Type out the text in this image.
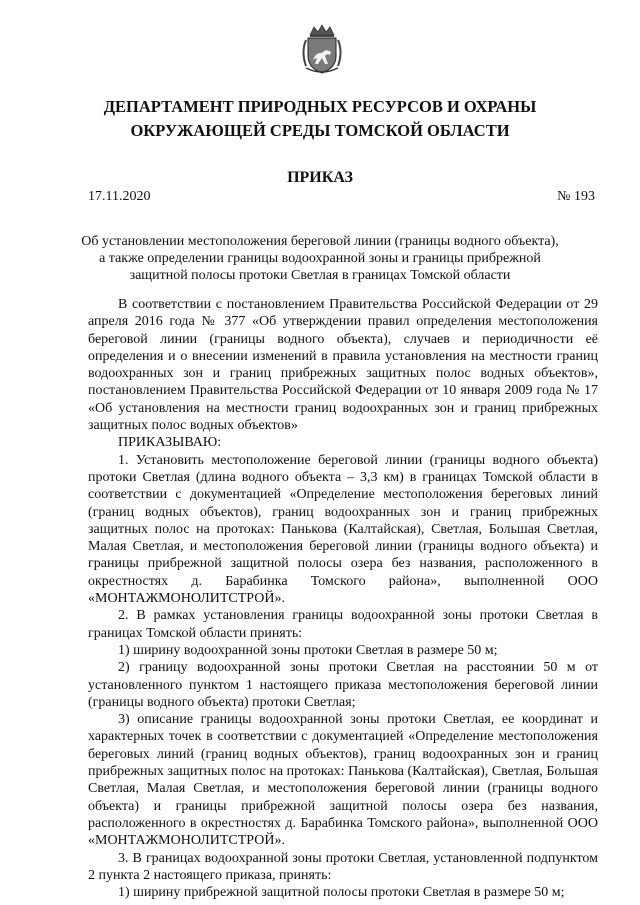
ДЕПАРТАМЕНТ ПРИРОДНЫХ РЕСУРСОВ И ОХРАНЫ
ОКРУЖАЮЩЕЙ СРЕДЫ ТОМСКОЙ ОБЛАСТИ
ПРИКАЗ
17.11.2020	№ 193
Об установлении местоположения береговой линии (границы водного объекта),
а также определении границы водоохранной зоны и границы прибрежной
защитной полосы протоки Светлая в границах Томской области

В соответствии с постановлением Правительства Российской Федерации от 29 апреля 2016 года № 377 «Об утверждении правил определения местоположения береговой линии (границы водного объекта), случаев и периодичности её определения и о внесении изменений в правила установления на местности границ водоохранных зон и границ прибрежных защитных полос водных объектов», постановлением Правительства Российской Федерации от 10 января 2009 года № 17 «Об установления на местности границ водоохранных зон и границ прибрежных защитных полос водных объектов»

ПРИКАЗЫВАЮ:

1. Установить местоположение береговой линии (границы водного объекта) протоки Светлая (длина водного объекта – 3,3 км) в границах Томской области в соответствии с документацией «Определение местоположения береговых линий (границ водных объектов), границ водоохранных зон и границ прибрежных защитных полос на протоках: Панькова (Калтайская), Светлая, Большая Светлая, Малая Светлая, и местоположения береговой линии (границы водного объекта) и границы прибрежной защитной полосы озера без названия, расположенного в окрестностях д. Барабинка Томского района», выполненной ООО «МОНТАЖМОНОЛИТСТРОЙ».

2. В рамках установления границы водоохранной зоны протоки Светлая в границах Томской области принять:

1) ширину водоохранной зоны протоки Светлая в размере 50 м;

2) границу водоохранной зоны протоки Светлая на расстоянии 50 м от установленного пунктом 1 настоящего приказа местоположения береговой линии (границы водного объекта) протоки Светлая;

3) описание границы водоохранной зоны протоки Светлая, ее координат и характерных точек в соответствии с документацией «Определение местоположения береговых линий (границ водных объектов), границ водоохранных зон и границ прибрежных защитных полос на протоках: Панькова (Калтайская), Светлая, Большая Светлая, Малая Светлая, и местоположения береговой линии (границы водного объекта) и границы прибрежной защитной полосы озера без названия, расположенного в окрестностях д. Барабинка Томского района», выполненной ООО «МОНТАЖМОНОЛИТСТРОЙ».

3. В границах водоохранной зоны протоки Светлая, установленной подпунктом 2 пункта 2 настоящего приказа, принять:

1) ширину прибрежной защитной полосы протоки Светлая в размере 50 м;
